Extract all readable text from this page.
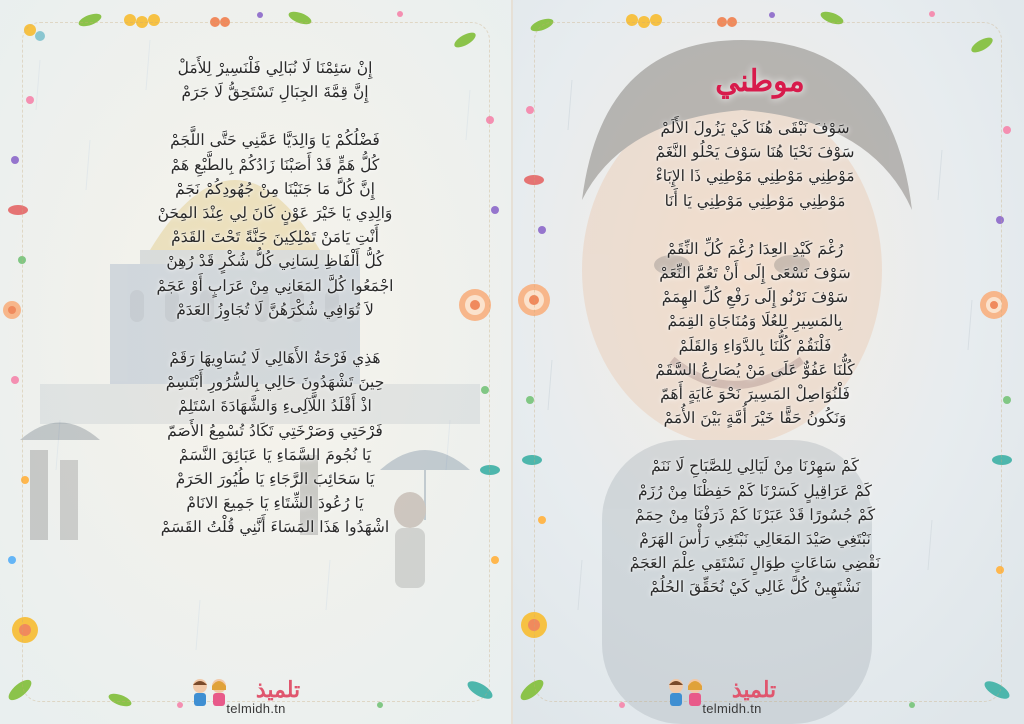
موطني
إِنْ سَئِمْنَا لَا نُبَالِي فَلْنَسِيرْ لِلأَمَلْ
إِنَّ قِمَّةَ الجِبَالِ تَسْتَحِقُّ لَا جَرَمْ
فَضْلُكُمْ يَا وَالِدَيَّا عَمَّنِي حَتَّى اللَّجَمْ
كُلُّ هَمٍّ قَدْ أَصَبْنَا زَادُكُمْ بِالطَّبْعِ هَمْ
إِنَّ كُلَّ مَا جَنَيْنَا مِنْ جُهُودِكُمْ نَجَمْ
وَالِدِي يَا خَيْرَ عَوْنٍ كَانَ لِي عِنْدَ المِحَنْ
أَنْتِ يَامَنْ تَمْلِكِينَ جَنَّةً تَحْتَ القَدَمْ
كُلُّ أَلْفَاظِ لِسَانِي كُلُّ شُكْرٍ قَدْ رُهِنْ
اجْمَعُوا كُلَّ المَعَانِي مِنْ عَرَابٍ أَوْ عَجَمْ
لاَ تُوَافِي شُكْرَهُنَّ لَا تُجَاوِزُ العَدَمْ
هَذِي فَرْحَةُ الأَهَالِي لَا يُسَاوِيهَا رَقَمْ
حِينَ تَشْهَدُونَ حَالِي بِالسُّرُورِ أَبْتَسِمْ
اذْ أَقْلَدُ اللَّآلِىءِ وَالشَّهَادَةَ اسْتَلِمْ
فَرْحَتِي وَصَرْخَتِي تَكَادُ تُسْمِعُ الأَصَمّ
يَا نُجُومَ السَّمَاءِ يَا عَبَائِقَ النَّسَمْ
يَا سَحَائِبَ الرَّجَاءِ يَا طُيُورَ الحَرَمْ
يَا رُعُودَ الشِّتَاءِ يَا جَمِيعَ الانَامْ
اشْهَدُوا هَذَا المَسَاءَ أَنَّنِي قُلْتُ القَسَمْ
سَوْفَ نَبْقَى هُنَا كَيْ يَزُولَ الأَلَمْ
سَوْفَ نَحْيَا هُنَا سَوْفَ يَحْلُو النَّغَمْ
مَوْطِنِي مَوْطِنِي مَوْطِنِي ذَا الإِبَاءْ
مَوْطِنِي مَوْطِنِي مَوْطِنِي يَا أَنَا
رُغْمَ كَيْدِ العِدَا رُغْمَ كُلِّ النِّقَمْ
سَوْفَ نَسْعَى إِلَى أَنْ تَعُمَّ النِّعَمْ
سَوْفَ نَرْنُو إِلَى رَفْعِ كُلِّ الهِمَمْ
بِالمَسِيرِ لِلعُلَا وَمُنَاجَاةِ القِمَمْ
فَلْنَقُمْ كُلُّنَا بِالدَّوَاءِ وَالقَلَمْ
كُلُّنَا عَفُوٌّ عَلَى مَنْ يُصَارِعُ السَّقَمْ
فَلْنُوَاصِلْ المَسِيرَ نَحْوَ غَايَةٍ أَهَمّ
وَنَكُونُ حَقًّا خَيْرَ أُمَّةٍ بَيْنَ الأُمَمْ
كَمْ سَهِرْنَا مِنْ لَيَالِي لِلصَّبَاحِ لَا نَنَمْ
كَمْ عَرَاقِيلٍ كَسَرْنَا كَمْ حَفِظْنَا مِنْ رُزَمْ
كَمْ جُسُورًا قَدْ عَبَرْنَا كَمْ ذَرَفْنَا مِنْ حِمَمْ
نَبْتَغِي صَيْدَ المَعَالِي نَبْتَغِي رَأْسَ الهَرَمْ
نَقْضِي سَاعَاتٍ طِوَالٍ نَسْتَقِي عِلْمَ العَجَمْ
نَشْتَهِينْ كُلَّ غَالِي كَيْ نُحَقِّقَ الحُلُمْ
تلميذ
telmidh.tn
تلميذ
telmidh.tn
